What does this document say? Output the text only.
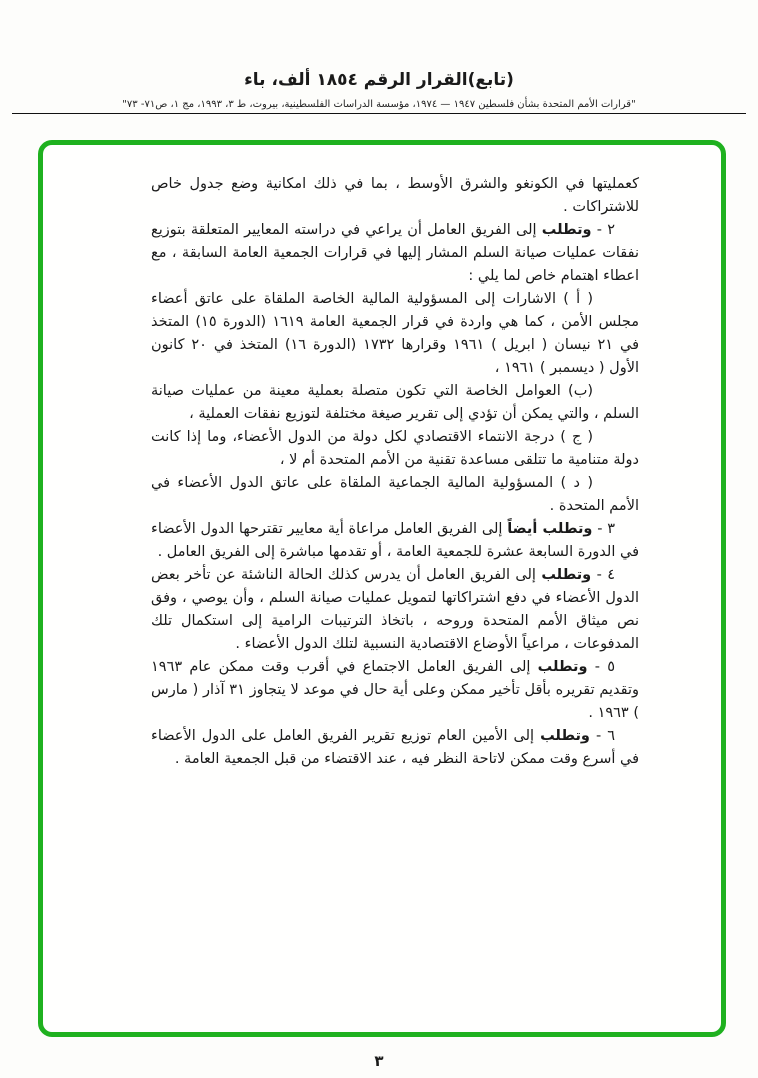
(تابع)القرار الرقم ١٨٥٤ ألف، باء
"قرارات الأمم المتحدة بشأن فلسطين ١٩٤٧ — ١٩٧٤، مؤسسة الدراسات الفلسطينية، بيروت، ط ٣، ١٩٩٣، مج ١، ص٧١- ٧٣"

كعمليتها في الكونغو والشرق الأوسط ، بما في ذلك امكانية وضع جدول خاص للاشتراكات .

٢ - وتطلب إلى الفريق العامل أن يراعي في دراسته المعايير المتعلقة بتوزيع نفقات عمليات صيانة السلم المشار إليها في قرارات الجمعية العامة السابقة ، مع اعطاء اهتمام خاص لما يلي :

( أ ) الاشارات إلى المسؤولية المالية الخاصة الملقاة على عاتق أعضاء مجلس الأمن ، كما هي واردة في قرار الجمعية العامة ١٦١٩ (الدورة ١٥) المتخذ في ٢١ نيسان ( ابريل ) ١٩٦١ وقرارها ١٧٣٢ (الدورة ١٦) المتخذ في ٢٠ كانون الأول ( ديسمبر ) ١٩٦١ ،

(ب) العوامل الخاصة التي تكون متصلة بعملية معينة من عمليات صيانة السلم ، والتي يمكن أن تؤدي إلى تقرير صيغة مختلفة لتوزيع نفقات العملية ،

( ج ) درجة الانتماء الاقتصادي لكل دولة من الدول الأعضاء، وما إذا كانت دولة متنامية ما تتلقى مساعدة تقنية من الأمم المتحدة أم لا ،

( د ) المسؤولية المالية الجماعية الملقاة على عاتق الدول الأعضاء في الأمم المتحدة .

٣ - وتطلب أيضاً إلى الفريق العامل مراعاة أية معايير تقترحها الدول الأعضاء في الدورة السابعة عشرة للجمعية العامة ، أو تقدمها مباشرة إلى الفريق العامل .

٤ - وتطلب إلى الفريق العامل أن يدرس كذلك الحالة الناشئة عن تأخر بعض الدول الأعضاء في دفع اشتراكاتها لتمويل عمليات صيانة السلم ، وأن يوصي ، وفق نص ميثاق الأمم المتحدة وروحه ، باتخاذ الترتيبات الرامية إلى استكمال تلك المدفوعات ، مراعياً الأوضاع الاقتصادية النسبية لتلك الدول الأعضاء .

٥ - وتطلب إلى الفريق العامل الاجتماع في أقرب وقت ممكن عام ١٩٦٣ وتقديم تقريره بأقل تأخير ممكن وعلى أية حال في موعد لا يتجاوز ٣١ آذار ( مارس ) ١٩٦٣ .

٦ - وتطلب إلى الأمين العام توزيع تقرير الفريق العامل على الدول الأعضاء في أسرع وقت ممكن لاتاحة النظر فيه ، عند الاقتضاء من قبل الجمعية العامة .

٣
